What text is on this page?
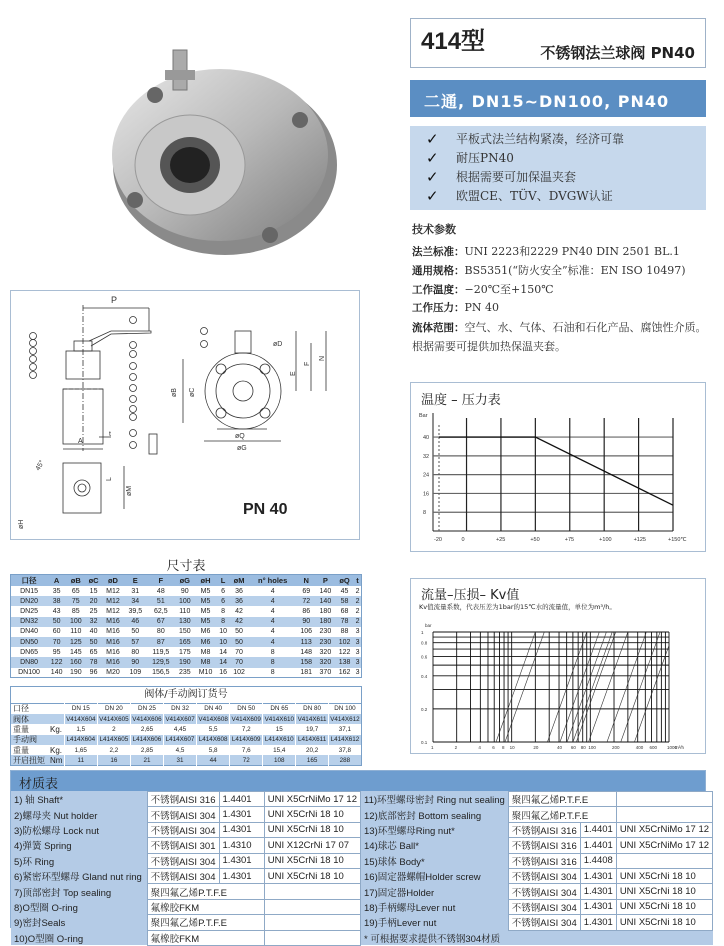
414型	不锈钢法兰球阀 PN40
二通, DN15~DN100, PN40
✓	平板式法兰结构紧凑，经济可靠
✓	耐压PN40
✓	根据需要可加保温夹套
✓	欧盟CE、TÜV、DVGW认证
技术参数
法兰标准：UNI 2223和2229 PN40 DIN 2501 BL.1
通用规格：BS5351(“防火安全”标准：EN ISO 10497)
工作温度：−20℃至+150℃
工作压力：PN 40
流体范围：空气、水、气体、石油和石化产品、腐蚀性介质。
根据需要可提供加热保温夹套。
P
A
t
øB øC
øD
E
F
N
øQ
øG
øM
øH
L
45°
PN 40
温度 – 压力表
Bar
8
16
24
32
40
-20	0	+25	+50	+75	+100	+125	+150℃
流量–压损– Kv值
Kv值流量系数，代表压差为1bar的15℃水的流量值，单位为m³/h。
bar
0.1
0.2
0.4
0.6
0.8
1
1	2	4	6 8 10	20	40 60 80 100	200	400 600 1000
m³/h
尺寸表
口径	A	øB	øC	øD	E	F	øG	øH	L	øM	n° holes	N	P	øQ	t
DN15	35	65	15	M12	31	48	90	M5	6	36	4	69	140	45	2
DN20	38	75	20	M12	34	51	100	M5	6	36	4	72	140	58	2
DN25	43	85	25	M12	39,5	62,5	110	M5	8	42	4	86	180	68	2
DN32	50	100	32	M16	46	67	130	M5	8	42	4	90	180	78	2
DN40	60	110	40	M16	50	80	150	M6	10	50	4	106	230	88	3
DN50	70	125	50	M16	57	87	165	M6	10	50	4	113	230	102	3
DN65	95	145	65	M16	80	119,5	175	M8	14	70	8	148	320	122	3
DN80	122	160	78	M16	90	129,5	190	M8	14	70	8	158	320	138	3
DN100	140	190	96	M20	109	156,5	235	M10	16	102	8	181	370	162	3
阀体/手动阀订货号
口径		DN 15	DN 20	DN 25	DN 32	DN 40	DN 50	DN 65	DN 80	DN 100
阀体		V414X604	V414X605	V414X606	V414X607	V414X608	V414X609	V414X610	V414X611	V414X612
重量	Kg.	1,5	2	2,65	4,45	5,5	7,2	15	19,7	37,1
手动阀		L414X604	L414X605	L414X606	L414X607	L414X608	L414X609	L414X610	L414X611	L414X612
重量	Kg.	1,65	2,2	2,85	4,5	5,8	7,6	15,4	20,2	37,8
开启扭矩	Nm	11	16	21	31	44	72	108	165	288
材质表
1) 轴 Shaft*	不锈钢AISI 316	1.4401	UNI X5CrNiMo 17 12
2)螺母夹 Nut holder	不锈钢AISI 304	1.4301	UNI X5CrNi 18 10
3)防松螺母 Lock nut	不锈钢AISI 304	1.4301	UNI X5CrNi 18 10
4)弹簧 Spring	不锈钢AISI 301	1.4310	UNI X12CrNi 17 07
5)环 Ring	不锈钢AISI 304	1.4301	UNI X5CrNi 18 10
6)紧密环型螺母 Gland nut ring	不锈钢AISI 304	1.4301	UNI X5CrNi 18 10
7)顶部密封 Top sealing	聚四氟乙烯P.T.F.E		
8)O型圈 O-ring	氟橡胶FKM		
9)密封Seals	聚四氟乙烯P.T.F.E		
10)O型圈 O-ring	氟橡胶FKM		
11)环型螺母密封 Ring nut sealing	聚四氟乙烯P.T.F.E		
12)底部密封 Bottom sealing	聚四氟乙烯P.T.F.E		
13)环型螺母Ring nut*	不锈钢AISI 316	1.4401	UNI X5CrNiMo 17 12
14)球芯 Ball*	不锈钢AISI 316	1.4401	UNI X5CrNiMo 17 12
15)球体 Body*	不锈钢AISI 316	1.4408	
16)固定器螺帽Holder screw	不锈钢AISI 304	1.4301	UNI X5CrNi 18 10
17)固定器Holder	不锈钢AISI 304	1.4301	UNI X5CrNi 18 10
18)手柄螺母Lever nut	不锈钢AISI 304	1.4301	UNI X5CrNi 18 10
19)手柄Lever nut	不锈钢AISI 304	1.4301	UNI X5CrNi 18 10
* 可根据要求提供不锈钢304材质			
